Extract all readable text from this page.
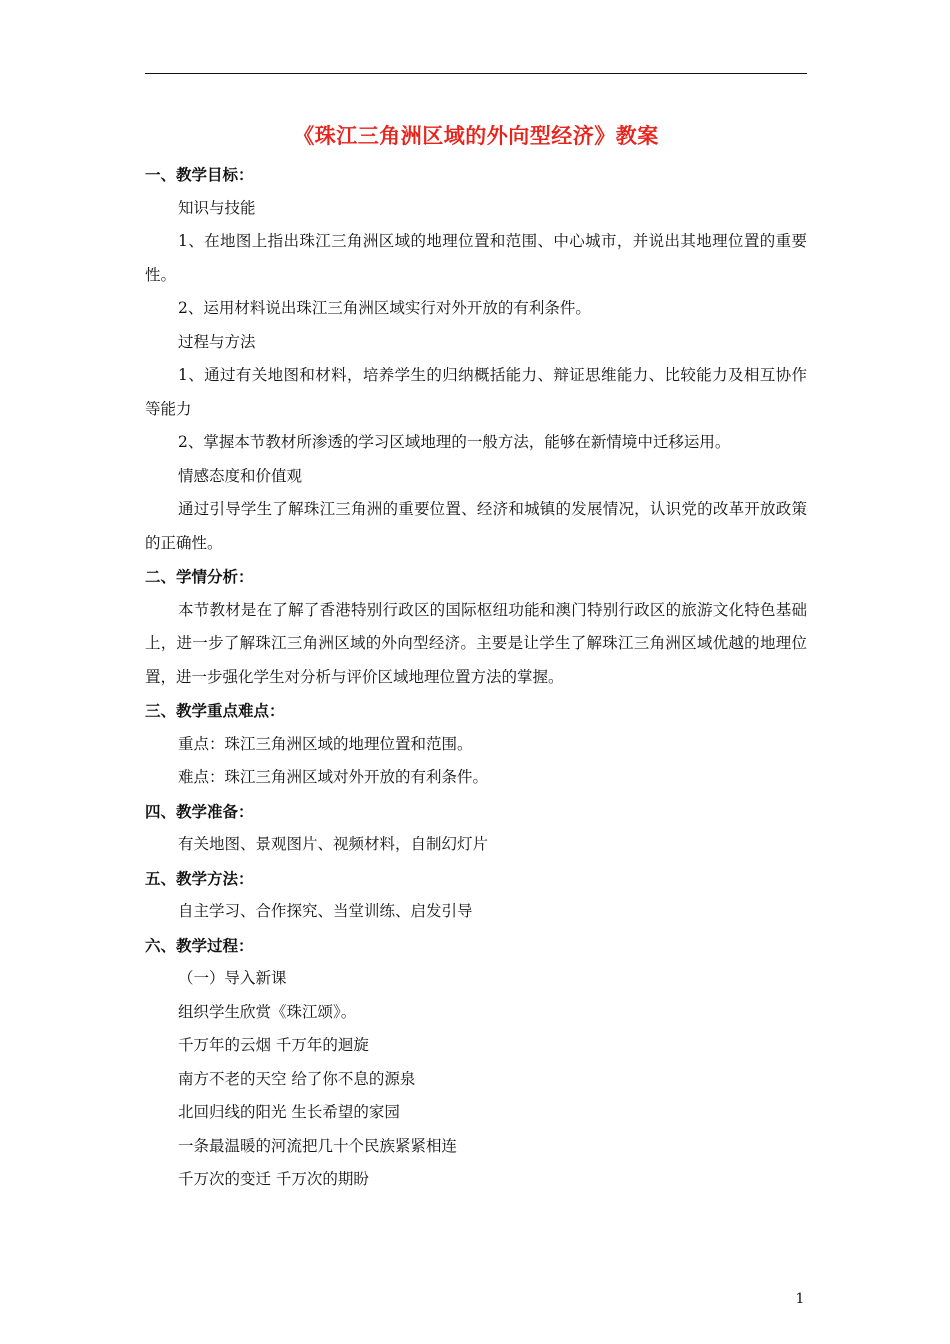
《珠江三角洲区域的外向型经济》教案
一、教学目标：
知识与技能
1、在地图上指出珠江三角洲区域的地理位置和范围、中心城市，并说出其地理位置的重要性。
2、运用材料说出珠江三角洲区域实行对外开放的有利条件。
过程与方法
1、通过有关地图和材料，培养学生的归纳概括能力、辩证思维能力、比较能力及相互协作等能力
2、掌握本节教材所渗透的学习区域地理的一般方法，能够在新情境中迁移运用。
情感态度和价值观
通过引导学生了解珠江三角洲的重要位置、经济和城镇的发展情况，认识党的改革开放政策的正确性。
二、学情分析：
本节教材是在了解了香港特别行政区的国际枢纽功能和澳门特别行政区的旅游文化特色基础上，进一步了解珠江三角洲区域的外向型经济。主要是让学生了解珠江三角洲区域优越的地理位置，进一步强化学生对分析与评价区域地理位置方法的掌握。
三、教学重点难点：
重点：珠江三角洲区域的地理位置和范围。
难点：珠江三角洲区域对外开放的有利条件。
四、教学准备：
有关地图、景观图片、视频材料，自制幻灯片
五、教学方法：
自主学习、合作探究、当堂训练、启发引导
六、教学过程：
（一）导入新课
组织学生欣赏《珠江颂》。
千万年的云烟 千万年的迴旋
南方不老的天空 给了你不息的源泉
北回归线的阳光 生长希望的家园
一条最温暖的河流把几十个民族紧紧相连
千万次的变迁 千万次的期盼
1
